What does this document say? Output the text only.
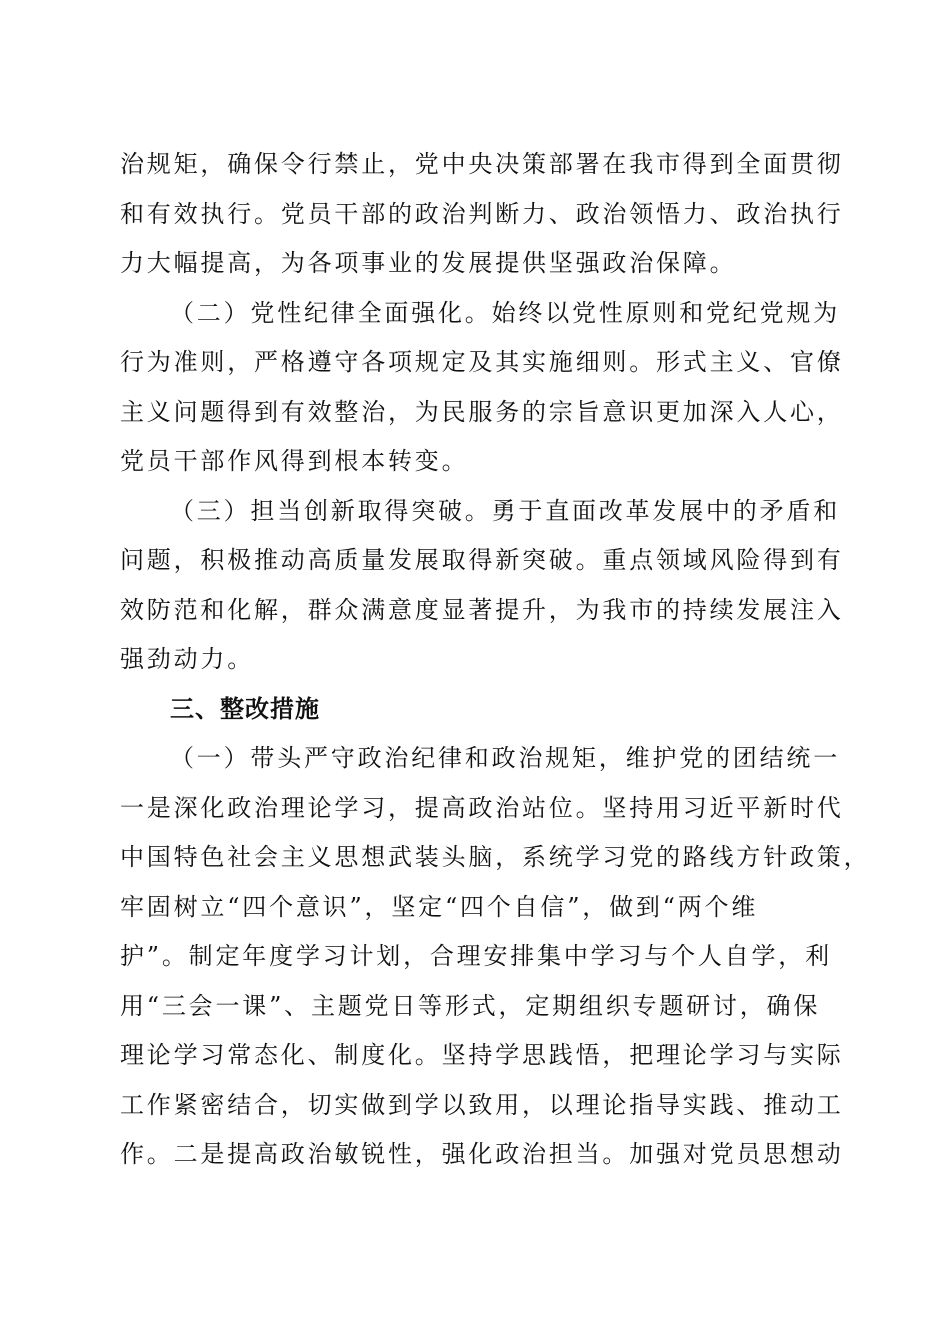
治规矩，确保令行禁止，党中央决策部署在我市得到全面贯彻
和有效执行。党员干部的政治判断力、政治领悟力、政治执行
力大幅提高，为各项事业的发展提供坚强政治保障。
（二）党性纪律全面强化。始终以党性原则和党纪党规为
行为准则，严格遵守各项规定及其实施细则。形式主义、官僚
主义问题得到有效整治，为民服务的宗旨意识更加深入人心，
党员干部作风得到根本转变。
（三）担当创新取得突破。勇于直面改革发展中的矛盾和
问题，积极推动高质量发展取得新突破。重点领域风险得到有
效防范和化解，群众满意度显著提升，为我市的持续发展注入
强劲动力。
三、整改措施
（一）带头严守政治纪律和政治规矩，维护党的团结统一
一是深化政治理论学习，提高政治站位。坚持用习近平新时代
中国特色社会主义思想武装头脑，系统学习党的路线方针政策，
牢固树立“四个意识”，坚定“四个自信”，做到“两个维
护”。制定年度学习计划，合理安排集中学习与个人自学，利
用“三会一课”、主题党日等形式，定期组织专题研讨，确保
理论学习常态化、制度化。坚持学思践悟，把理论学习与实际
工作紧密结合，切实做到学以致用，以理论指导实践、推动工
作。二是提高政治敏锐性，强化政治担当。加强对党员思想动
